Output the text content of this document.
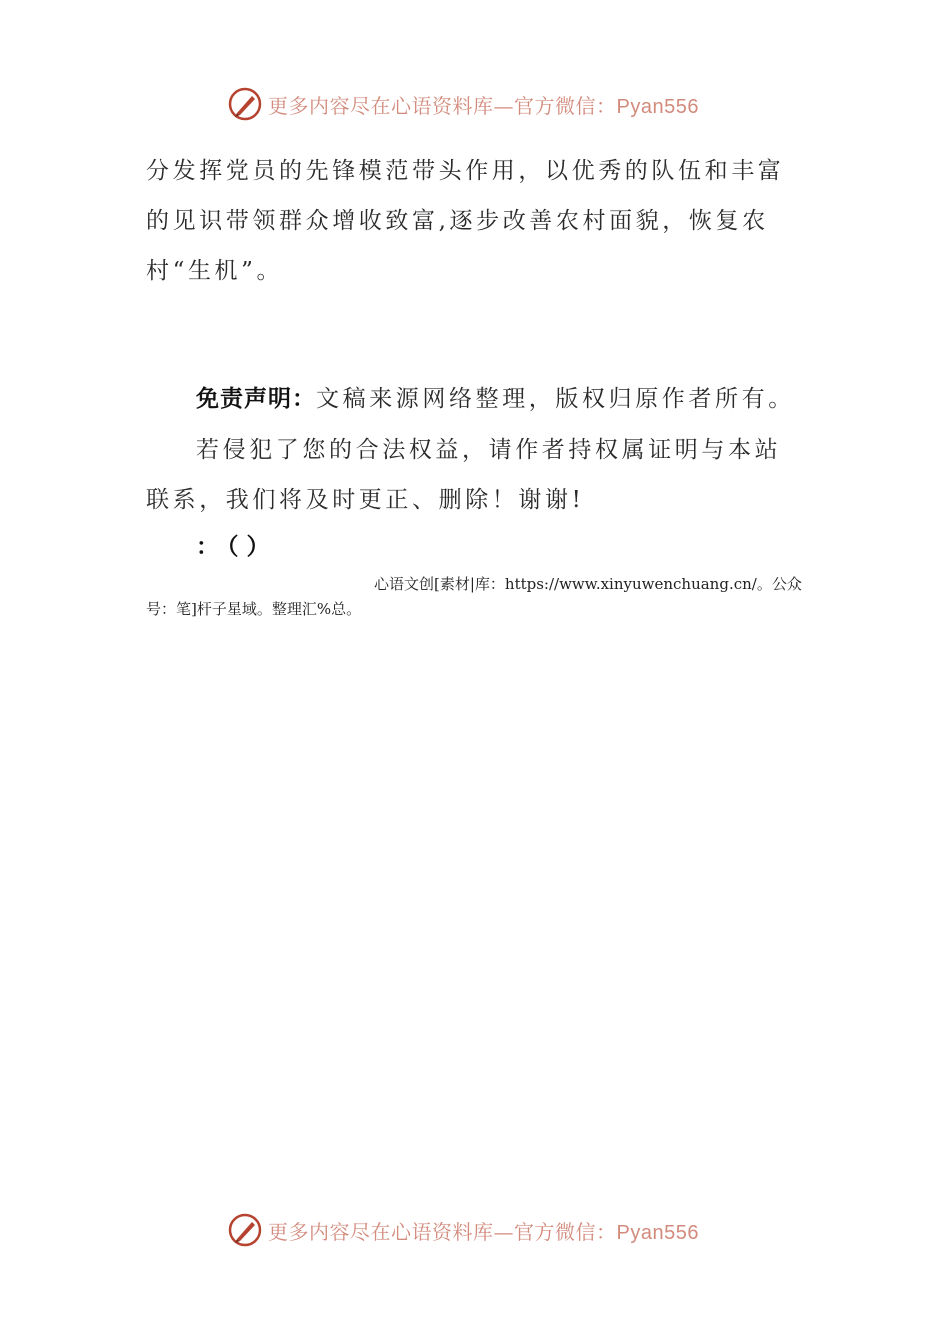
更多内容尽在心语资料库—官方微信：Pyan556
分发挥党员的先锋模范带头作用，以优秀的队伍和丰富的见识带领群众增收致富,逐步改善农村面貌，恢复农村“生机”。
免责声明：文稿来源网络整理，版权归原作者所有。
若侵犯了您的合法权益，请作者持权属证明与本站联系，我们将及时更正、删除！谢谢!
：（）
心语文创[素材|库：https://www.xinyuwenchuang.cn/。公众号：笔]杆子星域。整理汇%总。
更多内容尽在心语资料库—官方微信：Pyan556
